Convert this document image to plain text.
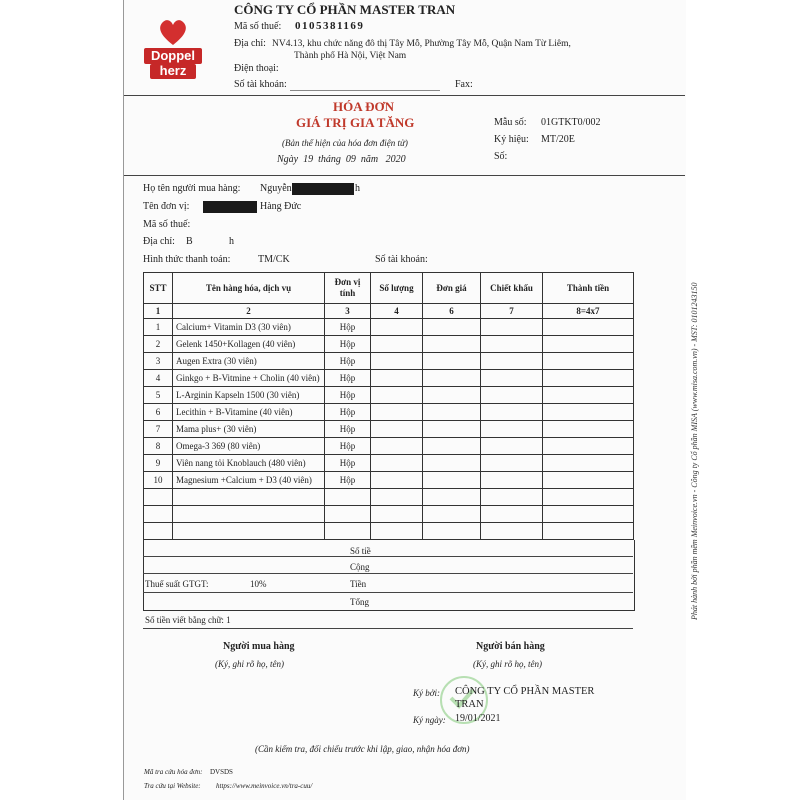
Doppel
herz
CÔNG TY CỔ PHẦN MASTER TRAN
Mã số thuế: 0105381169
Địa chỉ: NV4.13, khu chức năng đô thị Tây Mỗ, Phường Tây Mỗ, Quận Nam Từ Liêm,
Thành phố Hà Nội, Việt Nam
Điện thoại:
Số tài khoản:	Fax:
HÓA ĐƠN
GIÁ TRỊ GIA TĂNG
(Bản thể hiện của hóa đơn điện tử)
Ngày 19 tháng 09 năm 2020
Mẫu số: 01GTKT0/002
Ký hiệu: MT/20E
Số:
Họ tên người mua hàng: Nguyễn	h
Tên đơn vị:	Hàng Đức
Mã số thuế:
Địa chỉ: B	h
Hình thức thanh toán:	TM/CK	Số tài khoản:
STT	Tên hàng hóa, dịch vụ	Đơn vị tính	Số lượng	Đơn giá	Chiết khấu	Thành tiền
1	2	3	4	6	7	8=4x7
1	Calcium+ Vitamin D3 (30 viên)	Hộp				
2	Gelenk 1450+Kollagen (40 viên)	Hộp				
3	Augen Extra (30 viên)	Hộp				
4	Ginkgo + B-Vitmine + Cholin (40 viên)	Hộp				
5	L-Arginin Kapseln 1500 (30 viên)	Hộp				
6	Lecithin + B-Vitamine (40 viên)	Hộp				
7	Mama plus+ (30 viên)	Hộp				
8	Omega-3 369 (80 viên)	Hộp				
9	Viên nang tỏi Knoblauch (480 viên)	Hộp				
10	Magnesium +Calcium + D3 (40 viên)	Hộp				

Số tiề
Cộng
Thuế suất GTGT:	10%	Tiền
Tổng
Số tiền viết bằng chữ: 1
Người mua hàng
(Ký, ghi rõ họ, tên)
Người bán hàng
(Ký, ghi rõ họ, tên)
Ký bởi: CÔNG TY CỔ PHẦN MASTER
TRAN
Ký ngày: 19/01/2021
(Cần kiểm tra, đối chiếu trước khi lập, giao, nhận hóa đơn)
Mã tra cứu hóa đơn: DVSDS
Tra cứu tại Website: https://www.meinvoice.vn/tra-cuu/
Phát hành bởi phần mềm Meinvoice.vn - Công ty Cổ phần MISA (www.misa.com.vn) - MST: 0101243150
